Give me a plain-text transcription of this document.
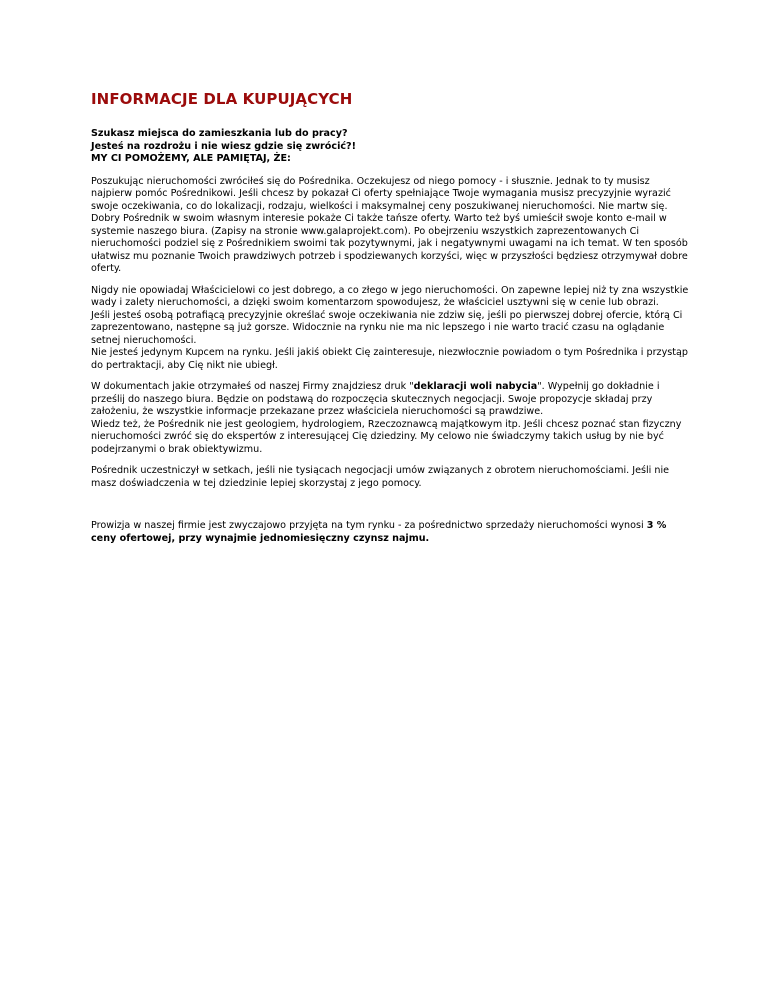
INFORMACJE DLA KUPUJĄCYCH
Szukasz miejsca do zamieszkania lub do pracy?
Jesteś na rozdrożu i nie wiesz gdzie się zwrócić?!
MY CI POMOŻEMY, ALE PAMIĘTAJ, ŻE:

Poszukując nieruchomości zwróciłeś się do Pośrednika. Oczekujesz od niego pomocy - i słusznie. Jednak to ty musisz najpierw pomóc Pośrednikowi. Jeśli chcesz by pokazał Ci oferty spełniające Twoje wymagania musisz precyzyjnie wyrazić swoje oczekiwania, co do lokalizacji, rodzaju, wielkości i maksymalnej ceny poszukiwanej nieruchomości. Nie martw się. Dobry Pośrednik w swoim własnym interesie pokaże Ci także tańsze oferty. Warto też byś umieścił swoje konto e-mail w systemie naszego biura. (Zapisy na stronie www.galaprojekt.com). Po obejrzeniu wszystkich zaprezentowanych Ci nieruchomości podziel się z Pośrednikiem swoimi tak pozytywnymi, jak i negatywnymi uwagami na ich temat. W ten sposób ułatwisz mu poznanie Twoich prawdziwych potrzeb i spodziewanych korzyści, więc w przyszłości będziesz otrzymywał dobre oferty.

Nigdy nie opowiadaj Właścicielowi co jest dobrego, a co złego w jego nieruchomości. On zapewne lepiej niż ty zna wszystkie wady i zalety nieruchomości, a dzięki swoim komentarzom spowodujesz, że właściciel usztywni się w cenie lub obrazi.
Jeśli jesteś osobą potrafiącą precyzyjnie określać swoje oczekiwania nie zdziw się, jeśli po pierwszej dobrej ofercie, którą Ci zaprezentowano, następne są już gorsze. Widocznie na rynku nie ma nic lepszego i nie warto tracić czasu na oglądanie setnej nieruchomości.
Nie jesteś jedynym Kupcem na rynku. Jeśli jakiś obiekt Cię zainteresuje, niezwłocznie powiadom o tym Pośrednika i przystąp do pertraktacji, aby Cię nikt nie ubiegł.

W dokumentach jakie otrzymałeś od naszej Firmy znajdziesz druk "deklaracji woli nabycia". Wypełnij go dokładnie i prześlij do naszego biura. Będzie on podstawą do rozpoczęcia skutecznych negocjacji. Swoje propozycje składaj przy założeniu, że wszystkie informacje przekazane przez właściciela nieruchomości są prawdziwe.
Wiedz też, że Pośrednik nie jest geologiem, hydrologiem, Rzeczoznawcą majątkowym itp. Jeśli chcesz poznać stan fizyczny nieruchomości zwróć się do ekspertów z interesującej Cię dziedziny. My celowo nie świadczymy takich usług by nie być podejrzanymi o brak obiektywizmu.

Pośrednik uczestniczył w setkach, jeśli nie tysiącach negocjacji umów związanych z obrotem nieruchomościami. Jeśli nie masz doświadczenia w tej dziedzinie lepiej skorzystaj z jego pomocy.

Prowizja w naszej firmie jest zwyczajowo przyjęta na tym rynku - za pośrednictwo sprzedaży nieruchomości wynosi 3 % ceny ofertowej, przy wynajmie jednomiesięczny czynsz najmu.
